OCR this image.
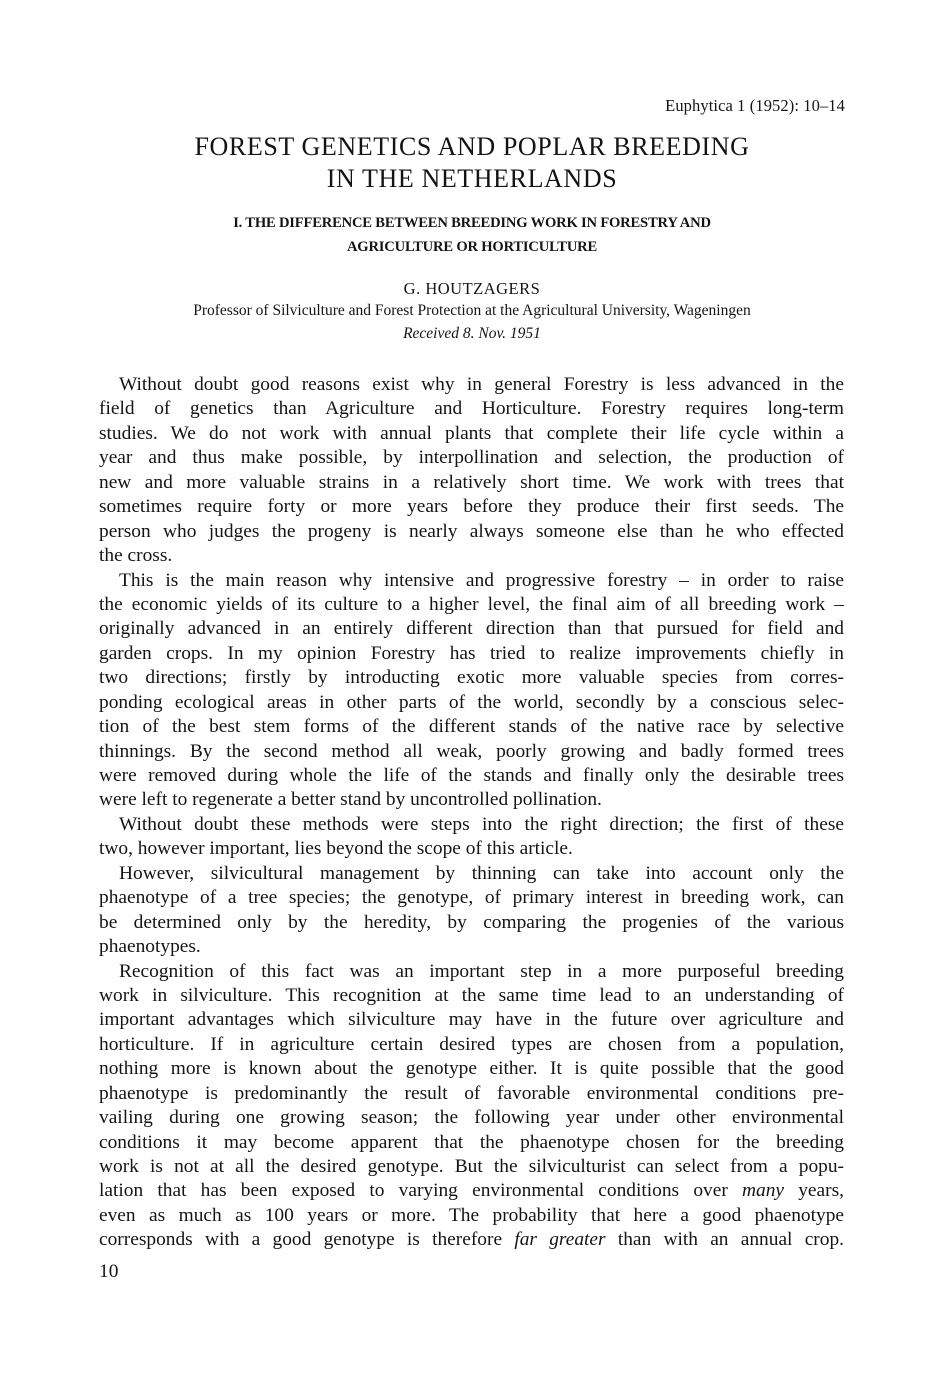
Euphytica 1 (1952): 10–14
FOREST GENETICS AND POPLAR BREEDING
IN THE NETHERLANDS
I. THE DIFFERENCE BETWEEN BREEDING WORK IN FORESTRY AND
AGRICULTURE OR HORTICULTURE
G. HOUTZAGERS
Professor of Silviculture and Forest Protection at the Agricultural University, Wageningen
Received 8. Nov. 1951
Without doubt good reasons exist why in general Forestry is less advanced in the
field of genetics than Agriculture and Horticulture. Forestry requires long-term
studies. We do not work with annual plants that complete their life cycle within a
year and thus make possible, by interpollination and selection, the production of
new and more valuable strains in a relatively short time. We work with trees that
sometimes require forty or more years before they produce their first seeds. The
person who judges the progeny is nearly always someone else than he who effected
the cross.
This is the main reason why intensive and progressive forestry – in order to raise
the economic yields of its culture to a higher level, the final aim of all breeding work –
originally advanced in an entirely different direction than that pursued for field and
garden crops. In my opinion Forestry has tried to realize improvements chiefly in
two directions; firstly by introducting exotic more valuable species from corres-
ponding ecological areas in other parts of the world, secondly by a conscious selec-
tion of the best stem forms of the different stands of the native race by selective
thinnings. By the second method all weak, poorly growing and badly formed trees
were removed during whole the life of the stands and finally only the desirable trees
were left to regenerate a better stand by uncontrolled pollination.
Without doubt these methods were steps into the right direction; the first of these
two, however important, lies beyond the scope of this article.
However, silvicultural management by thinning can take into account only the
phaenotype of a tree species; the genotype, of primary interest in breeding work, can
be determined only by the heredity, by comparing the progenies of the various
phaenotypes.
Recognition of this fact was an important step in a more purposeful breeding
work in silviculture. This recognition at the same time lead to an understanding of
important advantages which silviculture may have in the future over agriculture and
horticulture. If in agriculture certain desired types are chosen from a population,
nothing more is known about the genotype either. It is quite possible that the good
phaenotype is predominantly the result of favorable environmental conditions pre-
vailing during one growing season; the following year under other environmental
conditions it may become apparent that the phaenotype chosen for the breeding
work is not at all the desired genotype. But the silviculturist can select from a popu-
lation that has been exposed to varying environmental conditions over many years,
even as much as 100 years or more. The probability that here a good phaenotype
corresponds with a good genotype is therefore far greater than with an annual crop.
10
